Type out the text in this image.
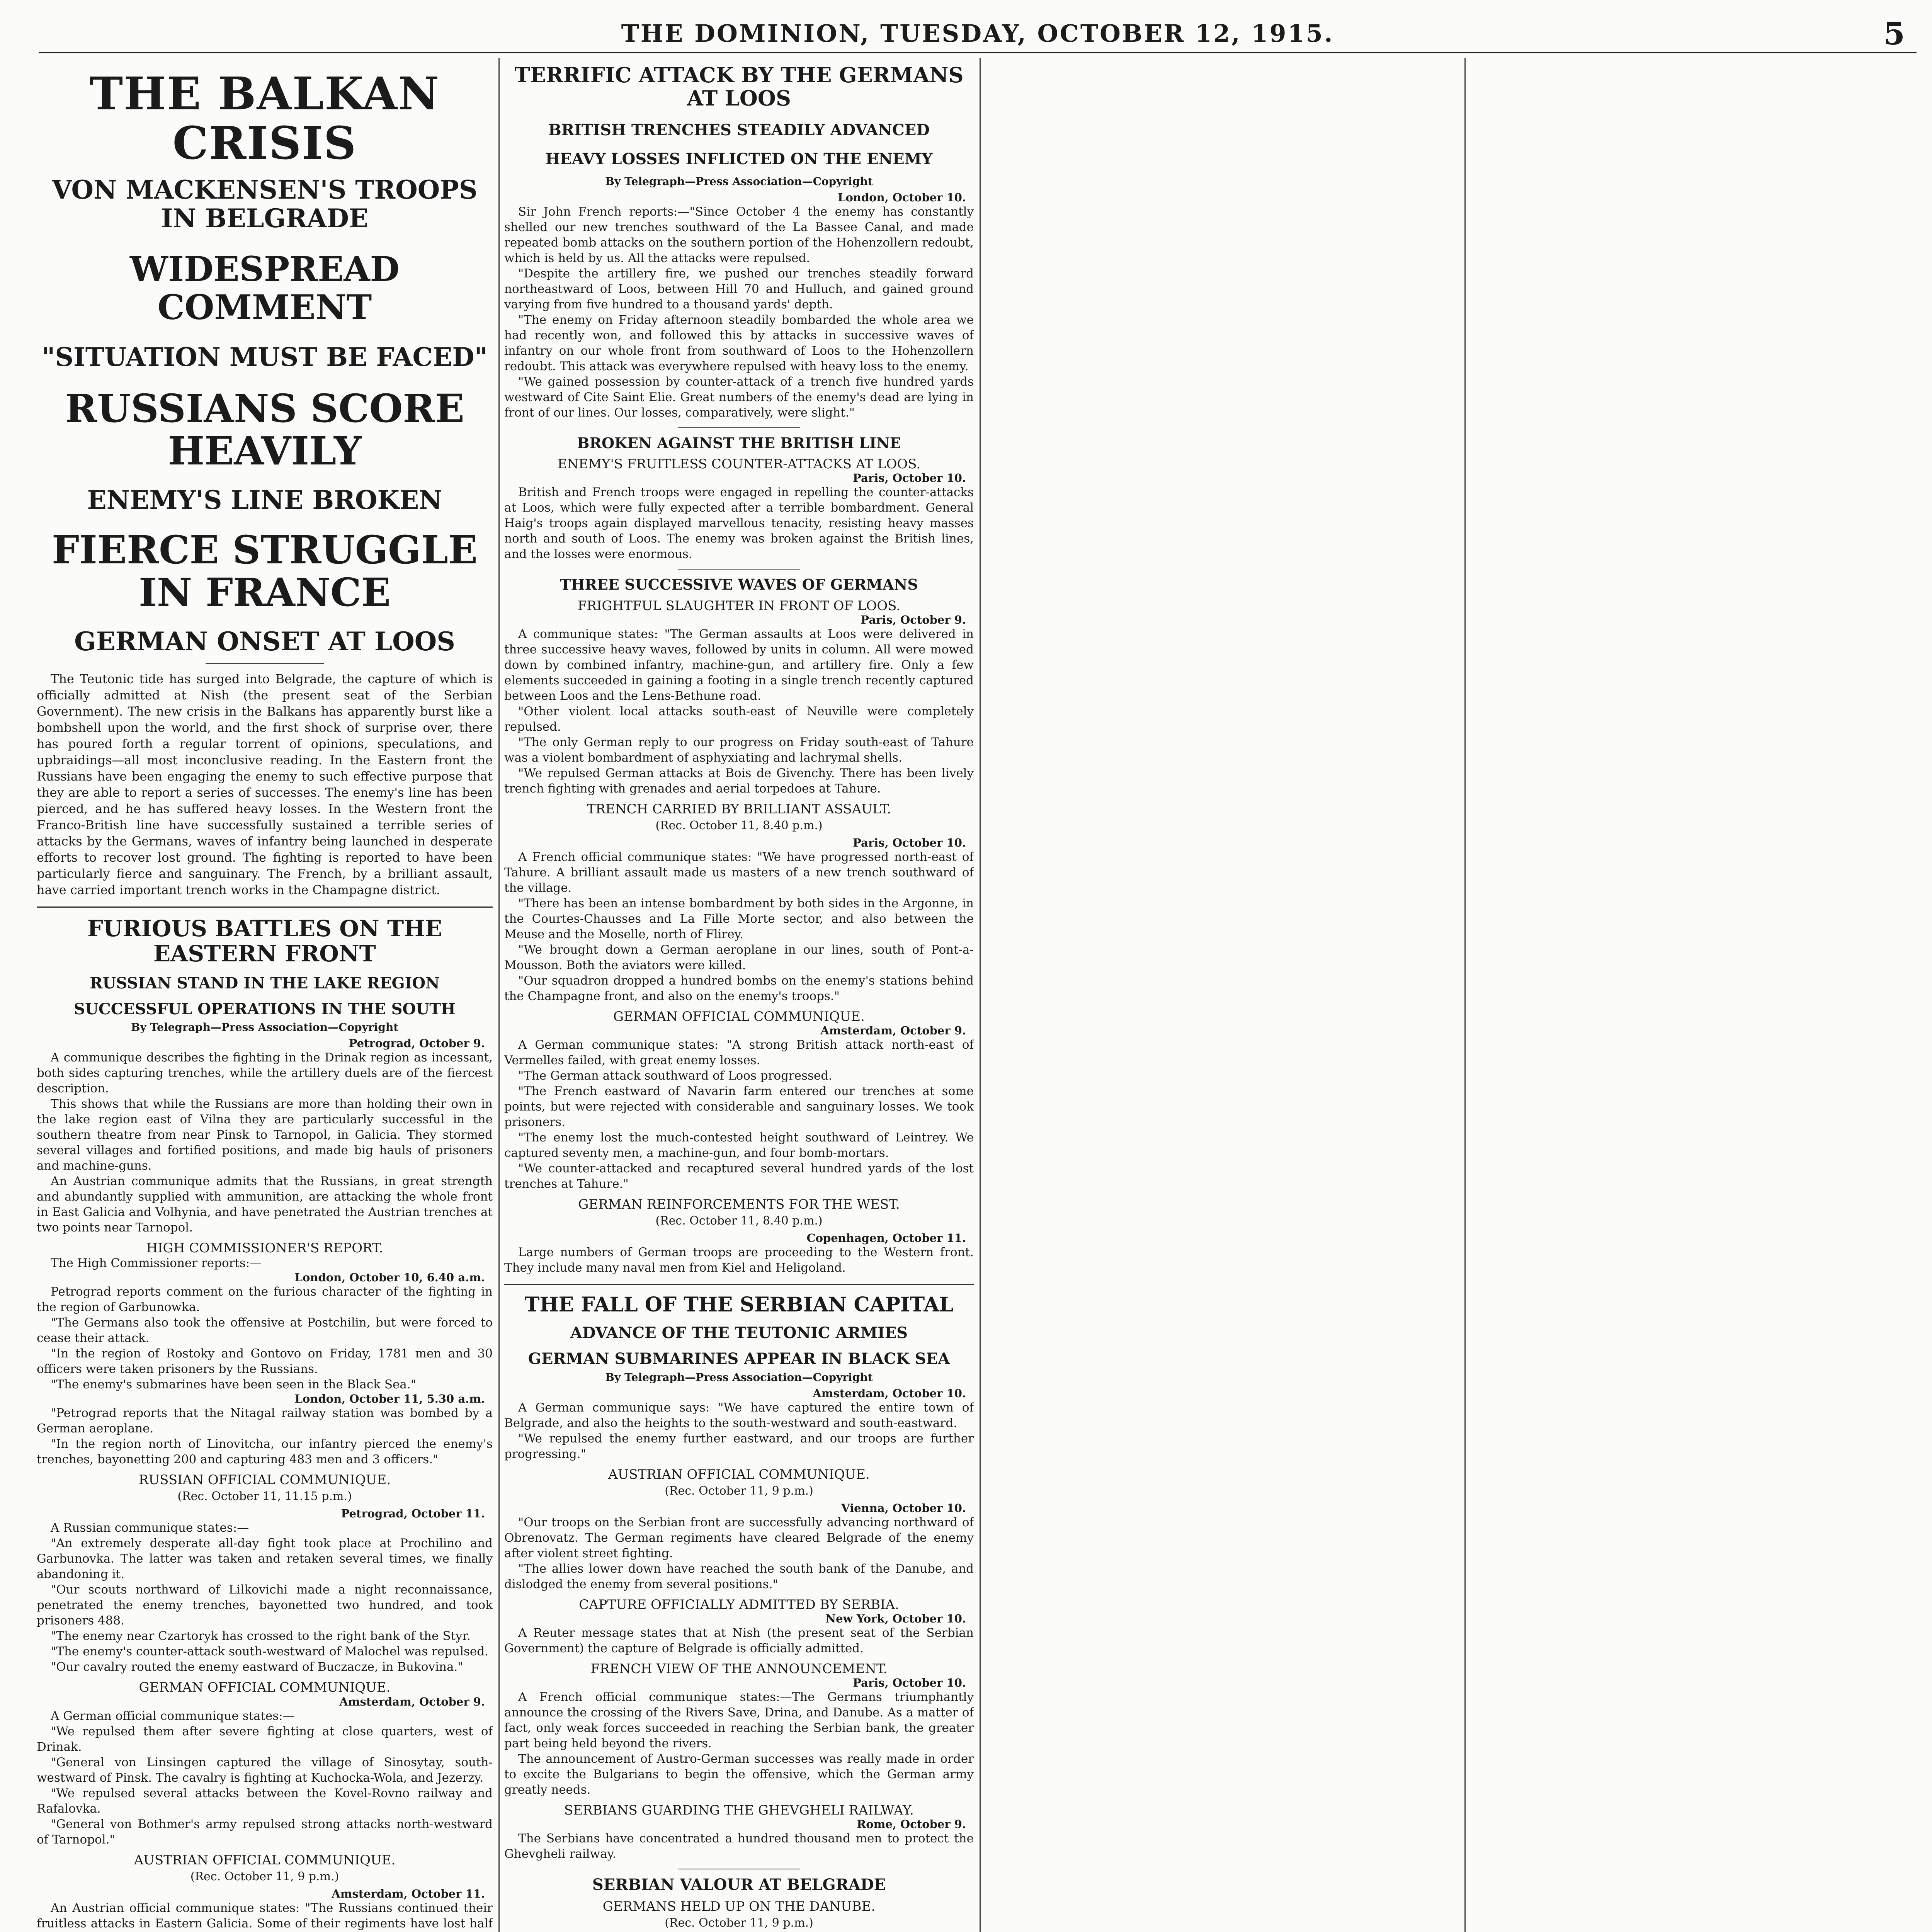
THE DOMINION, TUESDAY, OCTOBER 12, 1915.	5
THE BALKAN CRISIS
VON MACKENSEN'S TROOPS IN BELGRADE
WIDESPREAD COMMENT
"SITUATION MUST BE FACED"
RUSSIANS SCORE HEAVILY
ENEMY'S LINE BROKEN
FIERCE STRUGGLE IN FRANCE
GERMAN ONSET AT LOOS

The Teutonic tide has surged into Belgrade, the capture of which is officially admitted at Nish (the present seat of the Serbian Government). The new crisis in the Balkans has apparently burst like a bombshell upon the world, and the first shock of surprise over, there has poured forth a regular torrent of opinions, speculations, and upbraidings—all most inconclusive reading. In the Eastern front the Russians have been engaging the enemy to such effective purpose that they are able to report a series of successes. The enemy's line has been pierced, and he has suffered heavy losses. In the Western front the Franco-British line have successfully sustained a terrible series of attacks by the Germans, waves of infantry being launched in desperate efforts to recover lost ground. The fighting is reported to have been particularly fierce and sanguinary. The French, by a brilliant assault, have carried important trench works in the Champagne district.

FURIOUS BATTLES ON THE EASTERN FRONT
RUSSIAN STAND IN THE LAKE REGION
SUCCESSFUL OPERATIONS IN THE SOUTH
By Telegraph—Press Association—Copyright
Petrograd, October 9.

A communique describes the fighting in the Drinak region as incessant, both sides capturing trenches, while the artillery duels are of the fiercest description.

This shows that while the Russians are more than holding their own in the lake region east of Vilna they are particularly successful in the southern theatre from near Pinsk to Tarnopol, in Galicia. They stormed several villages and fortified positions, and made big hauls of prisoners and machine-guns.

An Austrian communique admits that the Russians, in great strength and abundantly supplied with ammunition, are attacking the whole front in East Galicia and Volhynia, and have penetrated the Austrian trenches at two points near Tarnopol.

HIGH COMMISSIONER'S REPORT.

The High Commissioner reports:—

London, October 10, 6.40 a.m.

Petrograd reports comment on the furious character of the fighting in the region of Garbunowka.

"The Germans also took the offensive at Postchilin, but were forced to cease their attack.

"In the region of Rostoky and Gontovo on Friday, 1781 men and 30 officers were taken prisoners by the Russians.

"The enemy's submarines have been seen in the Black Sea."

London, October 11, 5.30 a.m.

"Petrograd reports that the Nitagal railway station was bombed by a German aeroplane.

"In the region north of Linovitcha, our infantry pierced the enemy's trenches, bayonetting 200 and capturing 483 men and 3 officers."

RUSSIAN OFFICIAL COMMUNIQUE.
(Rec. October 11, 11.15 p.m.)
Petrograd, October 11.

A Russian communique states:—

"An extremely desperate all-day fight took place at Prochilino and Garbunovka. The latter was taken and retaken several times, we finally abandoning it.

"Our scouts northward of Lilkovichi made a night reconnaissance, penetrated the enemy trenches, bayonetted two hundred, and took prisoners 488.

"The enemy near Czartoryk has crossed to the right bank of the Styr.

"The enemy's counter-attack south-westward of Malochel was repulsed.

"Our cavalry routed the enemy eastward of Buczacze, in Bukovina."

GERMAN OFFICIAL COMMUNIQUE.
Amsterdam, October 9.

A German official communique states:—

"We repulsed them after severe fighting at close quarters, west of Drinak.

"General von Linsingen captured the village of Sinosytay, south-westward of Pinsk. The cavalry is fighting at Kuchocka-Wola, and Jezerzy.

"We repulsed several attacks between the Kovel-Rovno railway and Rafalovka.

"General von Bothmer's army repulsed strong attacks north-westward of Tarnopol."

AUSTRIAN OFFICIAL COMMUNIQUE.
(Rec. October 11, 9 p.m.)
Amsterdam, October 11.

An Austrian official communique states: "The Russians continued their fruitless attacks in Eastern Galicia. Some of their regiments have lost half

TERRIFIC ATTACK BY THE GERMANS AT LOOS
BRITISH TRENCHES STEADILY ADVANCED
HEAVY LOSSES INFLICTED ON THE ENEMY
By Telegraph—Press Association—Copyright
London, October 10.

Sir John French reports:—"Since October 4 the enemy has constantly shelled our new trenches southward of the La Bassee Canal, and made repeated bomb attacks on the southern portion of the Hohenzollern redoubt, which is held by us. All the attacks were repulsed.

"Despite the artillery fire, we pushed our trenches steadily forward northeastward of Loos, between Hill 70 and Hulluch, and gained ground varying from five hundred to a thousand yards' depth.

"The enemy on Friday afternoon steadily bombarded the whole area we had recently won, and followed this by attacks in successive waves of infantry on our whole front from southward of Loos to the Hohenzollern redoubt. This attack was everywhere repulsed with heavy loss to the enemy.

"We gained possession by counter-attack of a trench five hundred yards westward of Cite Saint Elie. Great numbers of the enemy's dead are lying in front of our lines. Our losses, comparatively, were slight."

BROKEN AGAINST THE BRITISH LINE
ENEMY'S FRUITLESS COUNTER-ATTACKS AT LOOS.
Paris, October 10.

British and French troops were engaged in repelling the counter-attacks at Loos, which were fully expected after a terrible bombardment. General Haig's troops again displayed marvellous tenacity, resisting heavy masses north and south of Loos. The enemy was broken against the British lines, and the losses were enormous.

THREE SUCCESSIVE WAVES OF GERMANS
FRIGHTFUL SLAUGHTER IN FRONT OF LOOS.
Paris, October 9.

A communique states: "The German assaults at Loos were delivered in three successive heavy waves, followed by units in column. All were mowed down by combined infantry, machine-gun, and artillery fire. Only a few elements succeeded in gaining a footing in a single trench recently captured between Loos and the Lens-Bethune road.

"Other violent local attacks south-east of Neuville were completely repulsed.

"The only German reply to our progress on Friday south-east of Tahure was a violent bombardment of asphyxiating and lachrymal shells.

"We repulsed German attacks at Bois de Givenchy. There has been lively trench fighting with grenades and aerial torpedoes at Tahure.

TRENCH CARRIED BY BRILLIANT ASSAULT.
(Rec. October 11, 8.40 p.m.)
Paris, October 10.

A French official communique states: "We have progressed north-east of Tahure. A brilliant assault made us masters of a new trench southward of the village.

"There has been an intense bombardment by both sides in the Argonne, in the Courtes-Chausses and La Fille Morte sector, and also between the Meuse and the Moselle, north of Flirey.

"We brought down a German aeroplane in our lines, south of Pont-a-Mousson. Both the aviators were killed.

"Our squadron dropped a hundred bombs on the enemy's stations behind the Champagne front, and also on the enemy's troops."

GERMAN OFFICIAL COMMUNIQUE.
Amsterdam, October 9.

A German communique states: "A strong British attack north-east of Vermelles failed, with great enemy losses.

"The German attack southward of Loos progressed.

"The French eastward of Navarin farm entered our trenches at some points, but were rejected with considerable and sanguinary losses. We took prisoners.

"The enemy lost the much-contested height southward of Leintrey. We captured seventy men, a machine-gun, and four bomb-mortars.

"We counter-attacked and recaptured several hundred yards of the lost trenches at Tahure."

GERMAN REINFORCEMENTS FOR THE WEST.
(Rec. October 11, 8.40 p.m.)
Copenhagen, October 11.

Large numbers of German troops are proceeding to the Western front. They include many naval men from Kiel and Heligoland.

THE FALL OF THE SERBIAN CAPITAL
ADVANCE OF THE TEUTONIC ARMIES
GERMAN SUBMARINES APPEAR IN BLACK SEA
By Telegraph—Press Association—Copyright
Amsterdam, October 10.

A German communique says: "We have captured the entire town of Belgrade, and also the heights to the south-westward and south-eastward.

"We repulsed the enemy further eastward, and our troops are further progressing."

AUSTRIAN OFFICIAL COMMUNIQUE.
(Rec. October 11, 9 p.m.)
Vienna, October 10.

"Our troops on the Serbian front are successfully advancing northward of Obrenovatz. The German regiments have cleared Belgrade of the enemy after violent street fighting.

"The allies lower down have reached the south bank of the Danube, and dislodged the enemy from several positions."

CAPTURE OFFICIALLY ADMITTED BY SERBIA.
New York, October 10.

A Reuter message states that at Nish (the present seat of the Serbian Government) the capture of Belgrade is officially admitted.

FRENCH VIEW OF THE ANNOUNCEMENT.
Paris, October 10.

A French official communique states:—The Germans triumphantly announce the crossing of the Rivers Save, Drina, and Danube. As a matter of fact, only weak forces succeeded in reaching the Serbian bank, the greater part being held beyond the rivers.

The announcement of Austro-German successes was really made in order to excite the Bulgarians to begin the offensive, which the German army greatly needs.

SERBIANS GUARDING THE GHEVGHELI RAILWAY.
Rome, October 9.

The Serbians have concentrated a hundred thousand men to protect the Ghevgheli railway.

SERBIAN VALOUR AT BELGRADE
GERMANS HELD UP ON THE DANUBE.
(Rec. October 11, 9 p.m.)
